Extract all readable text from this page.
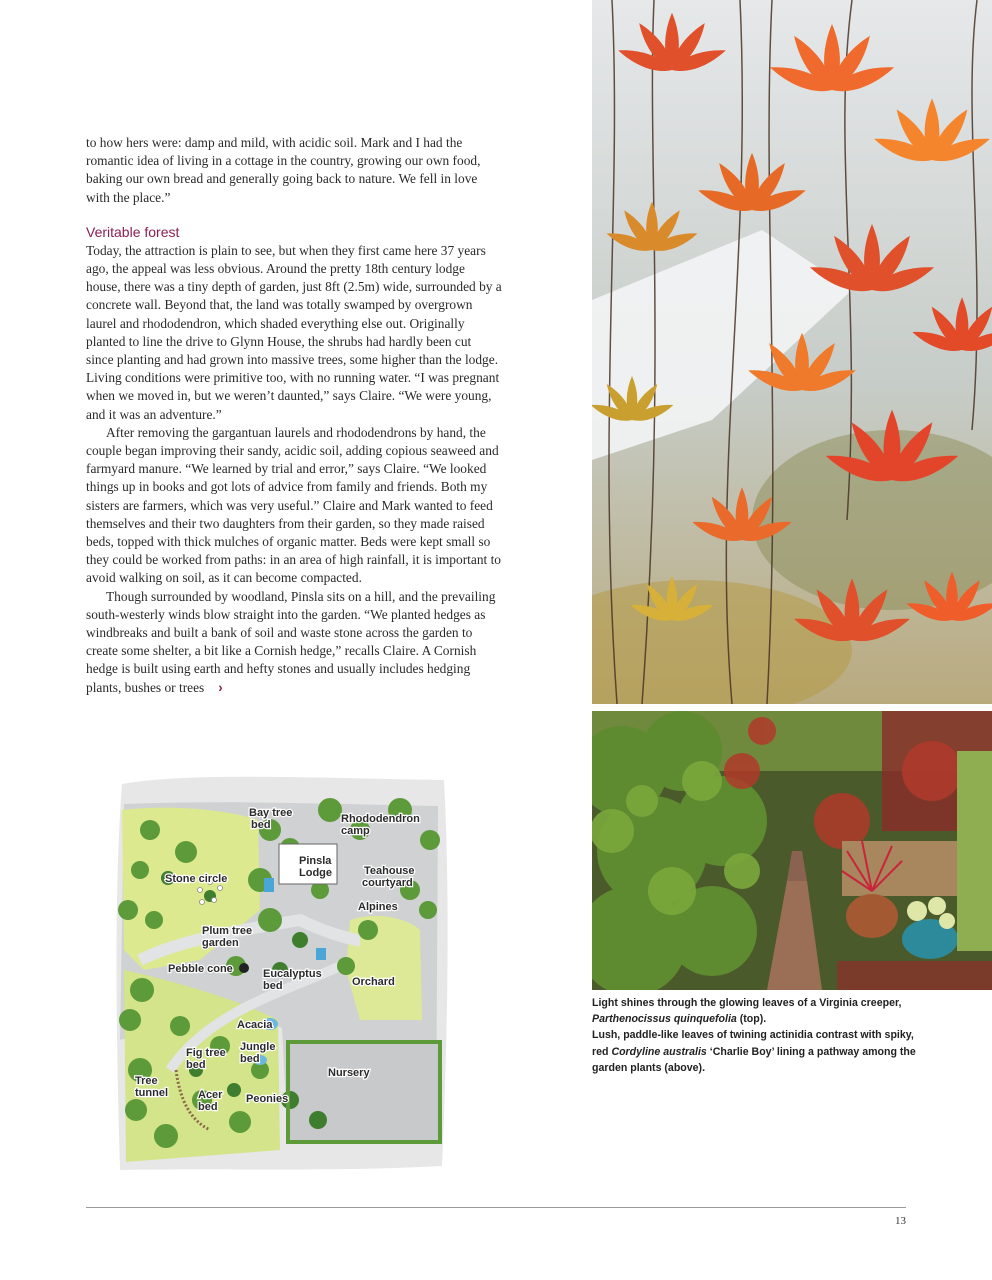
to how hers were: damp and mild, with acidic soil. Mark and I had the romantic idea of living in a cottage in the country, growing our own food, baking our own bread and generally going back to nature. We fell in love with the place.”

Veritable forest

Today, the attraction is plain to see, but when they first came here 37 years ago, the appeal was less obvious. Around the pretty 18th century lodge house, there was a tiny depth of garden, just 8ft (2.5m) wide, surrounded by a concrete wall. Beyond that, the land was totally swamped by overgrown laurel and rhododendron, which shaded everything else out. Originally planted to line the drive to Glynn House, the shrubs had hardly been cut since planting and had grown into massive trees, some higher than the lodge. Living conditions were primitive too, with no running water. “I was pregnant when we moved in, but we weren’t daunted,” says Claire. “We were young, and it was an adventure.”

After removing the gargantuan laurels and rhododendrons by hand, the couple began improving their sandy, acidic soil, adding copious seaweed and farmyard manure. “We learned by trial and error,” says Claire. “We looked things up in books and got lots of advice from family and friends. Both my sisters are farmers, which was very useful.” Claire and Mark wanted to feed themselves and their two daughters from their garden, so they made raised beds, topped with thick mulches of organic matter. Beds were kept small so they could be worked from paths: in an area of high rainfall, it is important to avoid walking on soil, as it can become compacted.

Though surrounded by woodland, Pinsla sits on a hill, and the prevailing south-westerly winds blow straight into the garden. “We planted hedges as windbreaks and built a bank of soil and waste stone across the garden to create some shelter, a bit like a Cornish hedge,” recalls Claire. A Cornish hedge is built using earth and hefty stones and usually includes hedging plants, bushes or trees ›

Light shines through the glowing leaves of a Virginia creeper, Parthenocissus quinquefolia (top).

Lush, paddle-like leaves of twining actinidia contrast with spiky, red Cordyline australis ‘Charlie Boy’ lining a pathway among the garden plants (above).

Bay tree bed	Rhododendron camp
Pinsla Lodge	Teahouse courtyard
Stone circle
Alpines
Plum tree garden
Pebble cone	Eucalyptus bed	Orchard
Acacia
Fig tree bed
Jungle bed
Nursery
Tree tunnel	Acer bed
Peonies
13
